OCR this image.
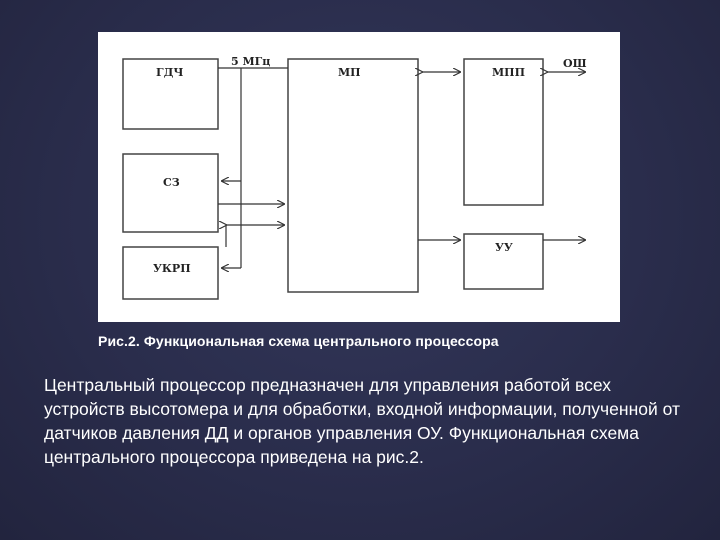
ГДЧ
СЗ
УКРП
МП	МПП
УУ
5 МГц	ОШ
Рис.2. Функциональная схема центрального процессора
Центральный процессор предназначен для управления работой всех устройств высотомера и для обработки, входной информации, полученной от датчиков давления ДД и органов управления ОУ. Функциональная схема центрального процессора приведена на рис.2.
